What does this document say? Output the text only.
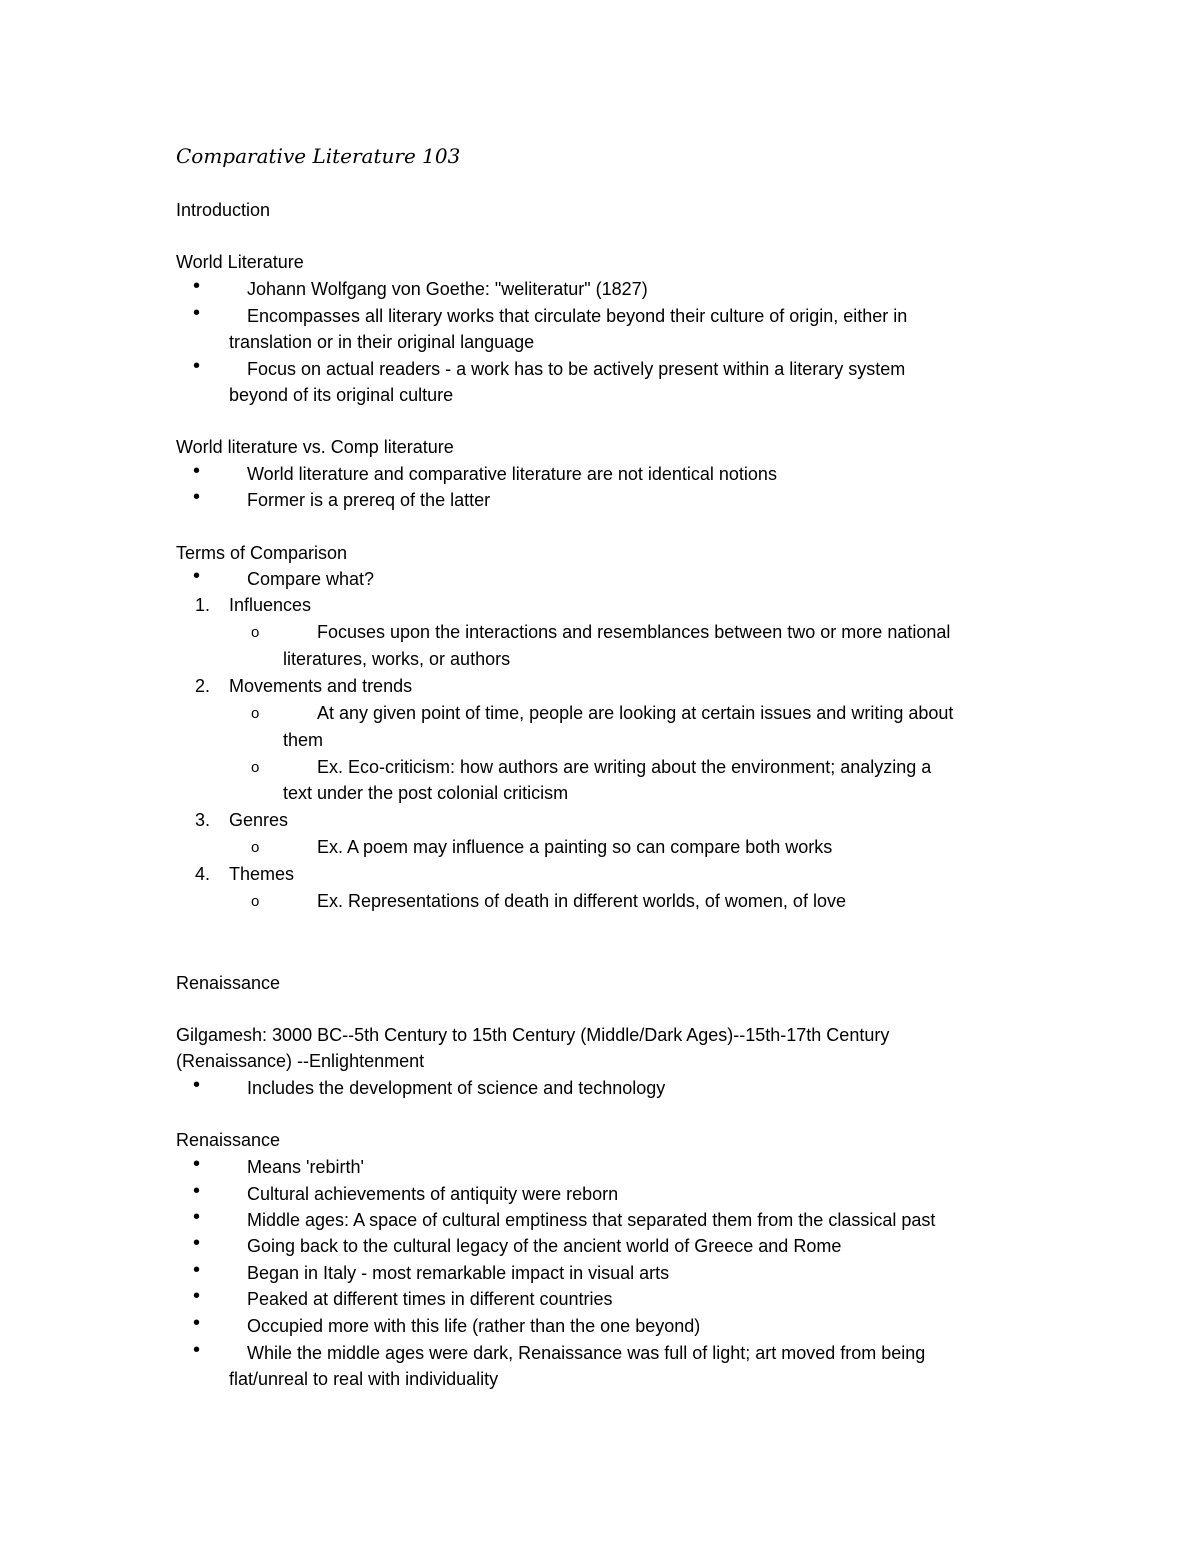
Comparative Literature 103
Introduction
World Literature
•	Johann Wolfgang von Goethe: "weliteratur" (1827)
•	Encompasses all literary works that circulate beyond their culture of origin, either in
translation or in their original language
•	Focus on actual readers - a work has to be actively present within a literary system
beyond of its original culture
World literature vs. Comp literature
•	World literature and comparative literature are not identical notions
•	Former is a prereq of the latter
Terms of Comparison
•	Compare what?
1. Influences
o	Focuses upon the interactions and resemblances between two or more national
literatures, works, or authors
2. Movements and trends
o	At any given point of time, people are looking at certain issues and writing about
them
o	Ex. Eco-criticism: how authors are writing about the environment; analyzing a
text under the post colonial criticism
3. Genres
o	Ex. A poem may influence a painting so can compare both works
4. Themes
o	Ex. Representations of death in different worlds, of women, of love
Renaissance
Gilgamesh: 3000 BC--5th Century to 15th Century (Middle/Dark Ages)--15th-17th Century
(Renaissance) --Enlightenment
•	Includes the development of science and technology
Renaissance
•	Means 'rebirth'
•	Cultural achievements of antiquity were reborn
•	Middle ages: A space of cultural emptiness that separated them from the classical past
•	Going back to the cultural legacy of the ancient world of Greece and Rome
•	Began in Italy - most remarkable impact in visual arts
•	Peaked at different times in different countries
•	Occupied more with this life (rather than the one beyond)
•	While the middle ages were dark, Renaissance was full of light; art moved from being
flat/unreal to real with individuality
